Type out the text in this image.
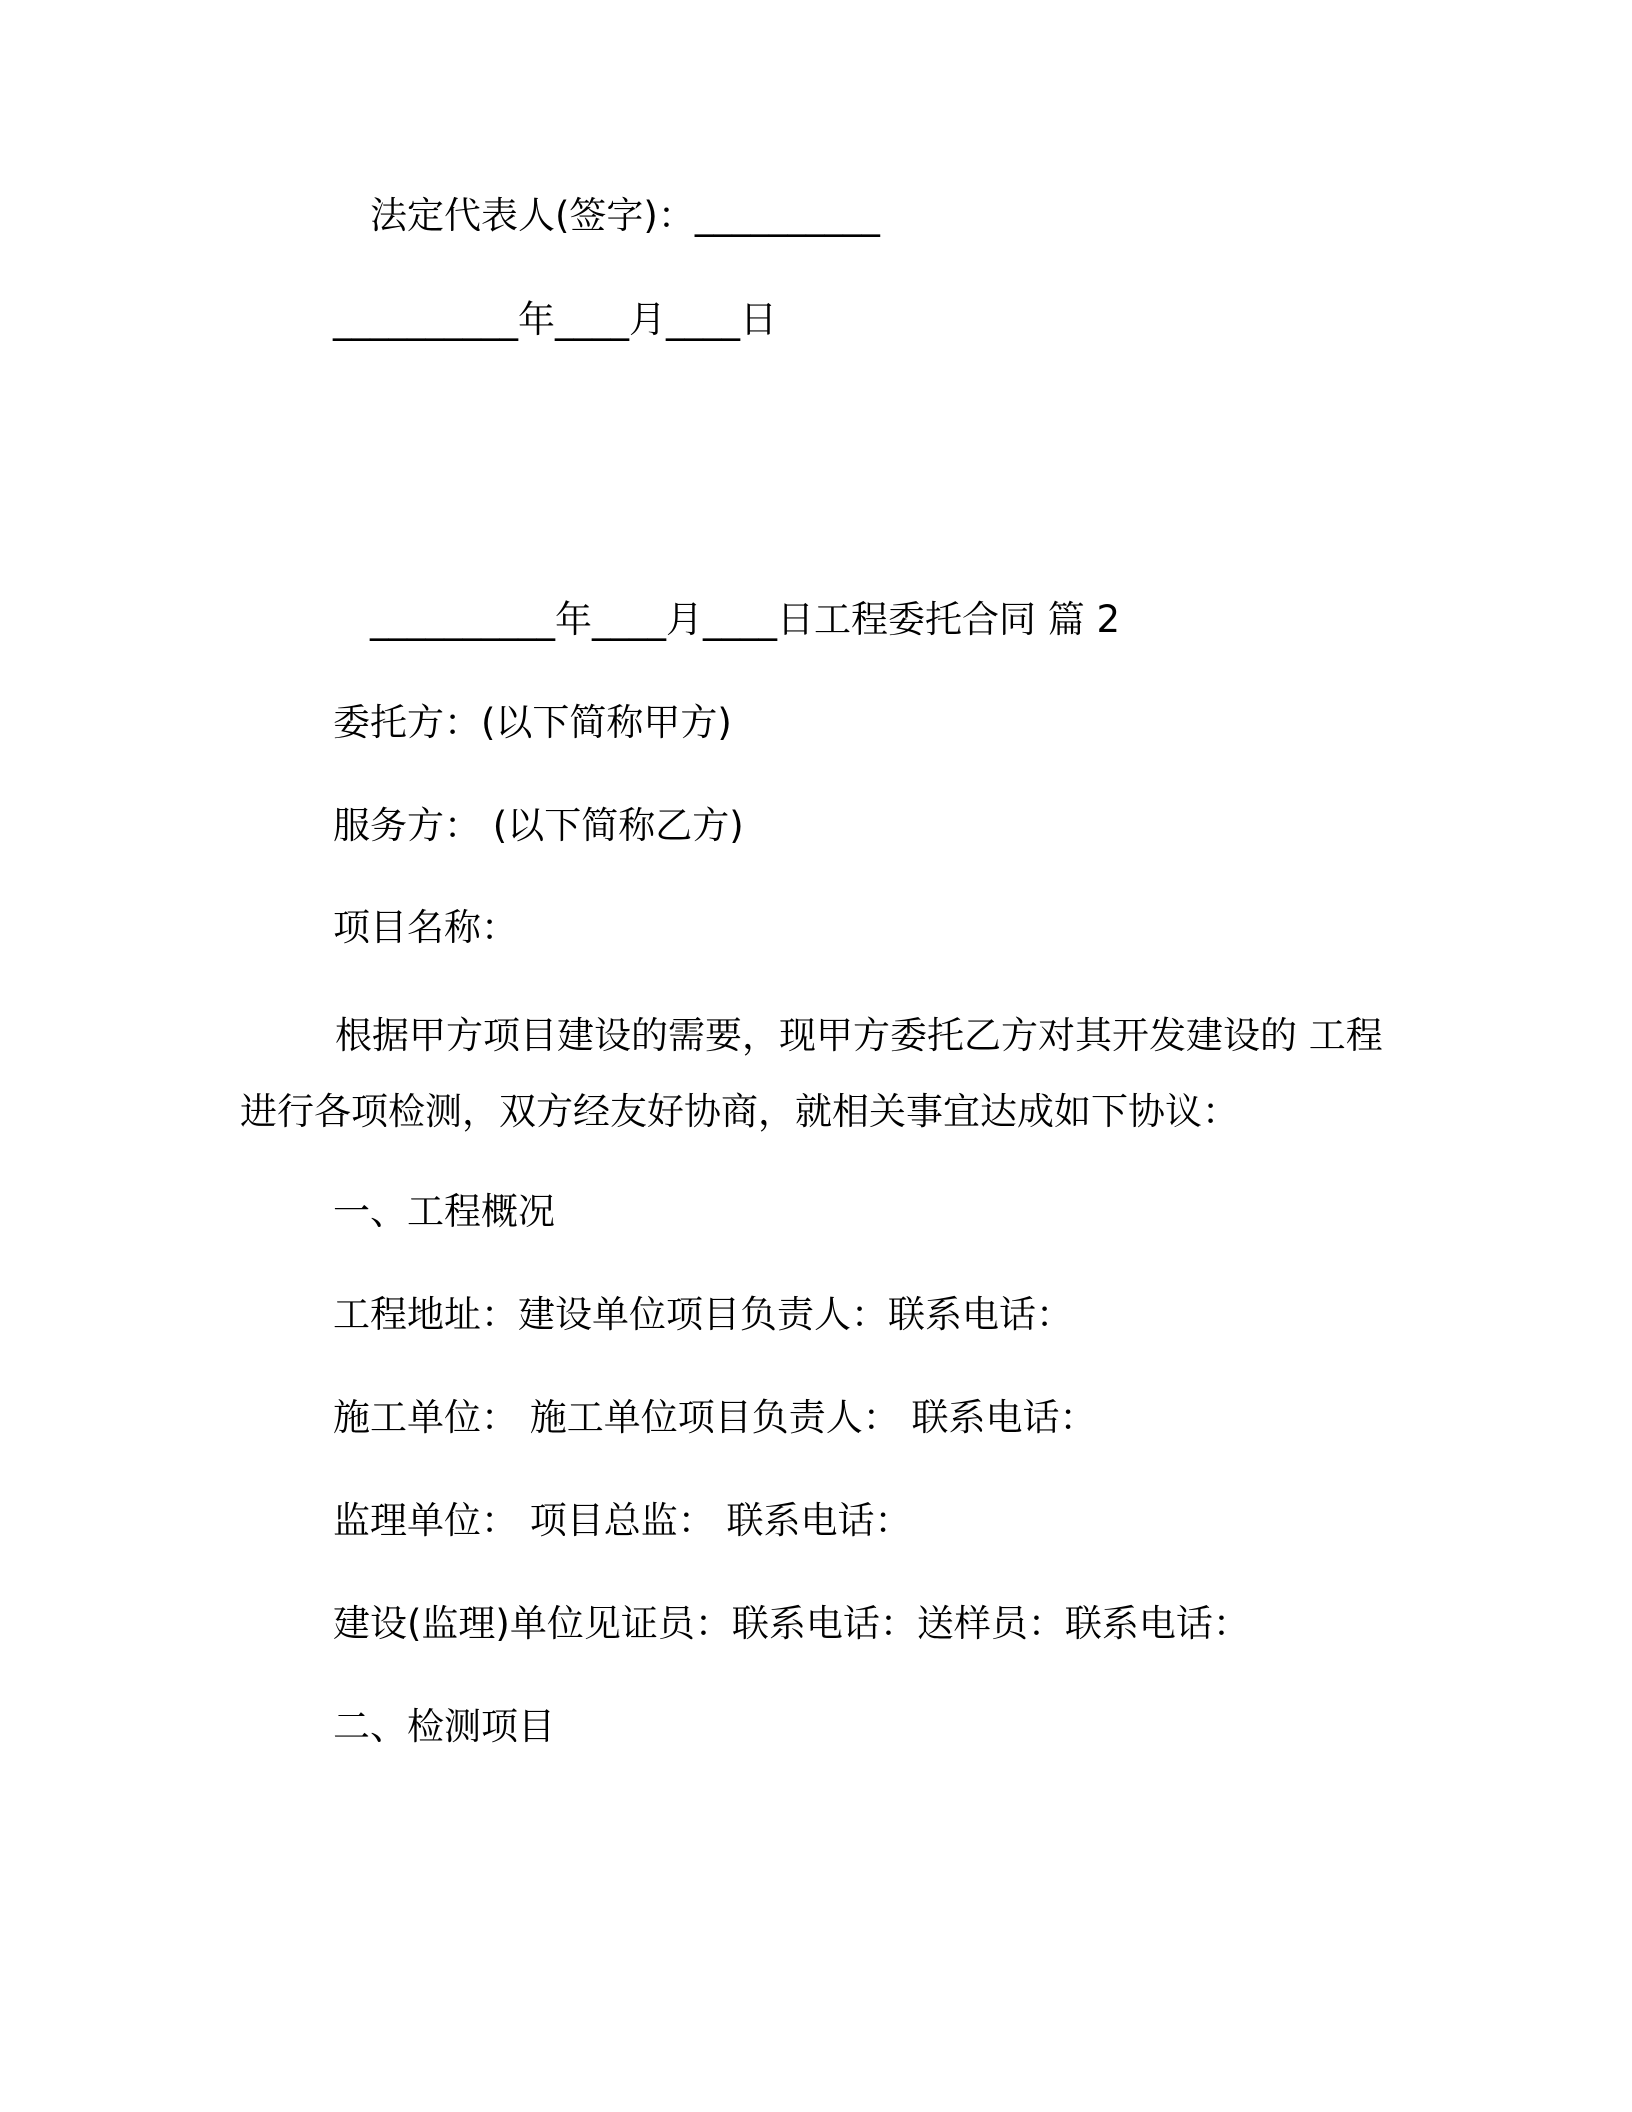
法定代表人(签字)：__________
__________年____月____日
__________年____月____日工程委托合同 篇 2
委托方：(以下简称甲方)
服务方： (以下简称乙方)
项目名称：
根据甲方项目建设的需要，现甲方委托乙方对其开发建设的 工程进行各项检测，双方经友好协商，就相关事宜达成如下协议：
一、工程概况
工程地址：建设单位项目负责人：联系电话：
施工单位： 施工单位项目负责人： 联系电话：
监理单位： 项目总监： 联系电话：
建设(监理)单位见证员：联系电话：送样员：联系电话：
二、检测项目
